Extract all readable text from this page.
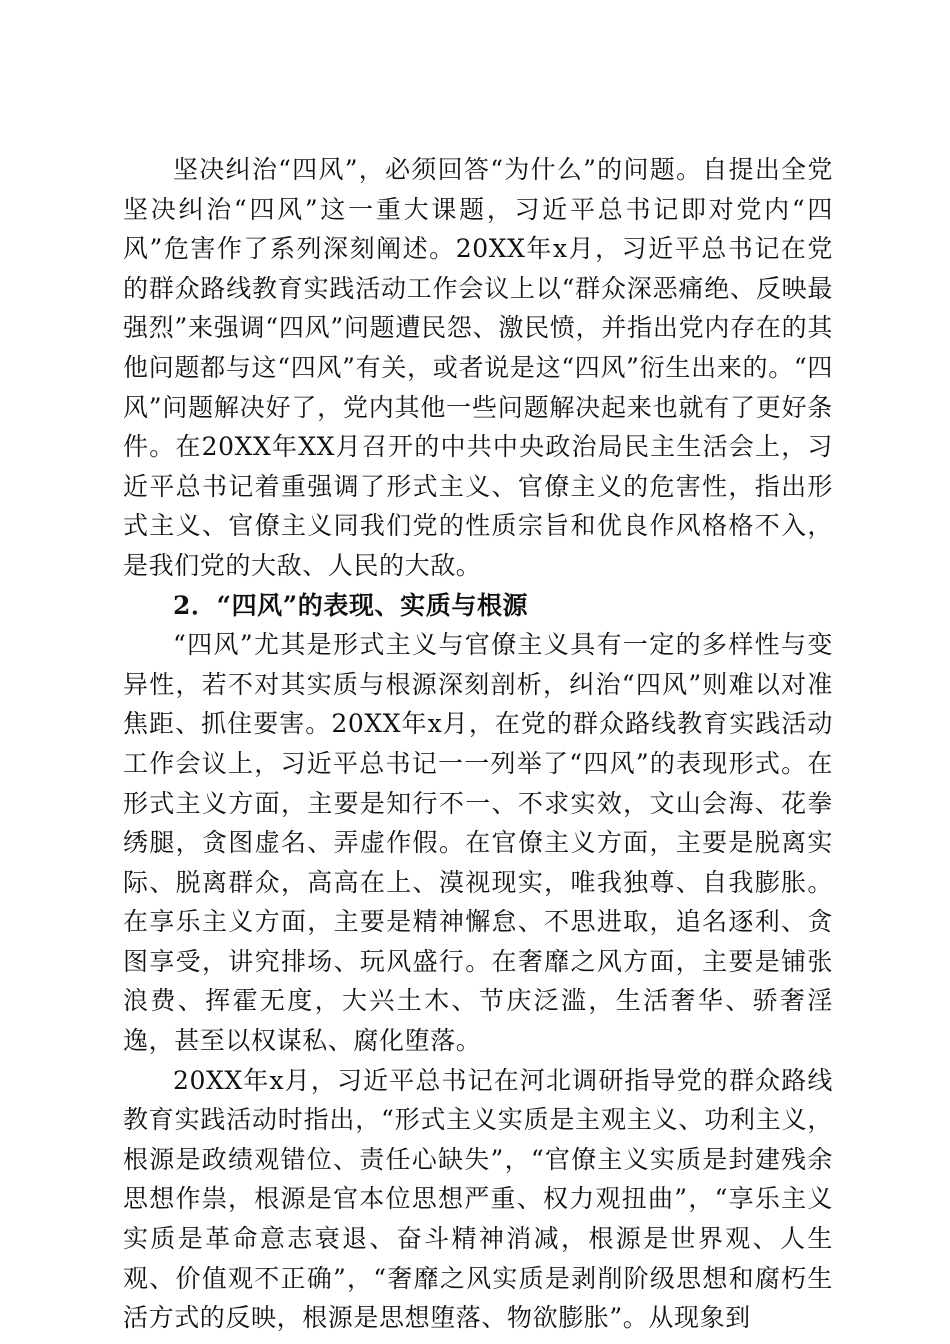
坚决纠治“四风”，必须回答“为什么”的问题。自提出全党坚决纠治“四风”这一重大课题，习近平总书记即对党内“四风”危害作了系列深刻阐述。20XX年x月，习近平总书记在党的群众路线教育实践活动工作会议上以“群众深恶痛绝、反映最强烈”来强调“四风”问题遭民怨、激民愤，并指出党内存在的其他问题都与这“四风”有关，或者说是这“四风”衍生出来的。“四风”问题解决好了，党内其他一些问题解决起来也就有了更好条件。在20XX年XX月召开的中共中央政治局民主生活会上，习近平总书记着重强调了形式主义、官僚主义的危害性，指出形式主义、官僚主义同我们党的性质宗旨和优良作风格格不入，是我们党的大敌、人民的大敌。

2．“四风”的表现、实质与根源

“四风”尤其是形式主义与官僚主义具有一定的多样性与变异性，若不对其实质与根源深刻剖析，纠治“四风”则难以对准焦距、抓住要害。20XX年x月，在党的群众路线教育实践活动工作会议上，习近平总书记一一列举了“四风”的表现形式。在形式主义方面，主要是知行不一、不求实效，文山会海、花拳绣腿，贪图虚名、弄虚作假。在官僚主义方面，主要是脱离实际、脱离群众，高高在上、漠视现实，唯我独尊、自我膨胀。在享乐主义方面，主要是精神懈怠、不思进取，追名逐利、贪图享受，讲究排场、玩风盛行。在奢靡之风方面，主要是铺张浪费、挥霍无度，大兴土木、节庆泛滥，生活奢华、骄奢淫逸，甚至以权谋私、腐化堕落。

20XX年x月，习近平总书记在河北调研指导党的群众路线教育实践活动时指出，“形式主义实质是主观主义、功利主义，根源是政绩观错位、责任心缺失”，“官僚主义实质是封建残余思想作祟，根源是官本位思想严重、权力观扭曲”，“享乐主义实质是革命意志衰退、奋斗精神消减，根源是世界观、人生观、价值观不正确”，“奢靡之风实质是剥削阶级思想和腐朽生活方式的反映，根源是思想堕落、物欲膨胀”。从现象到
